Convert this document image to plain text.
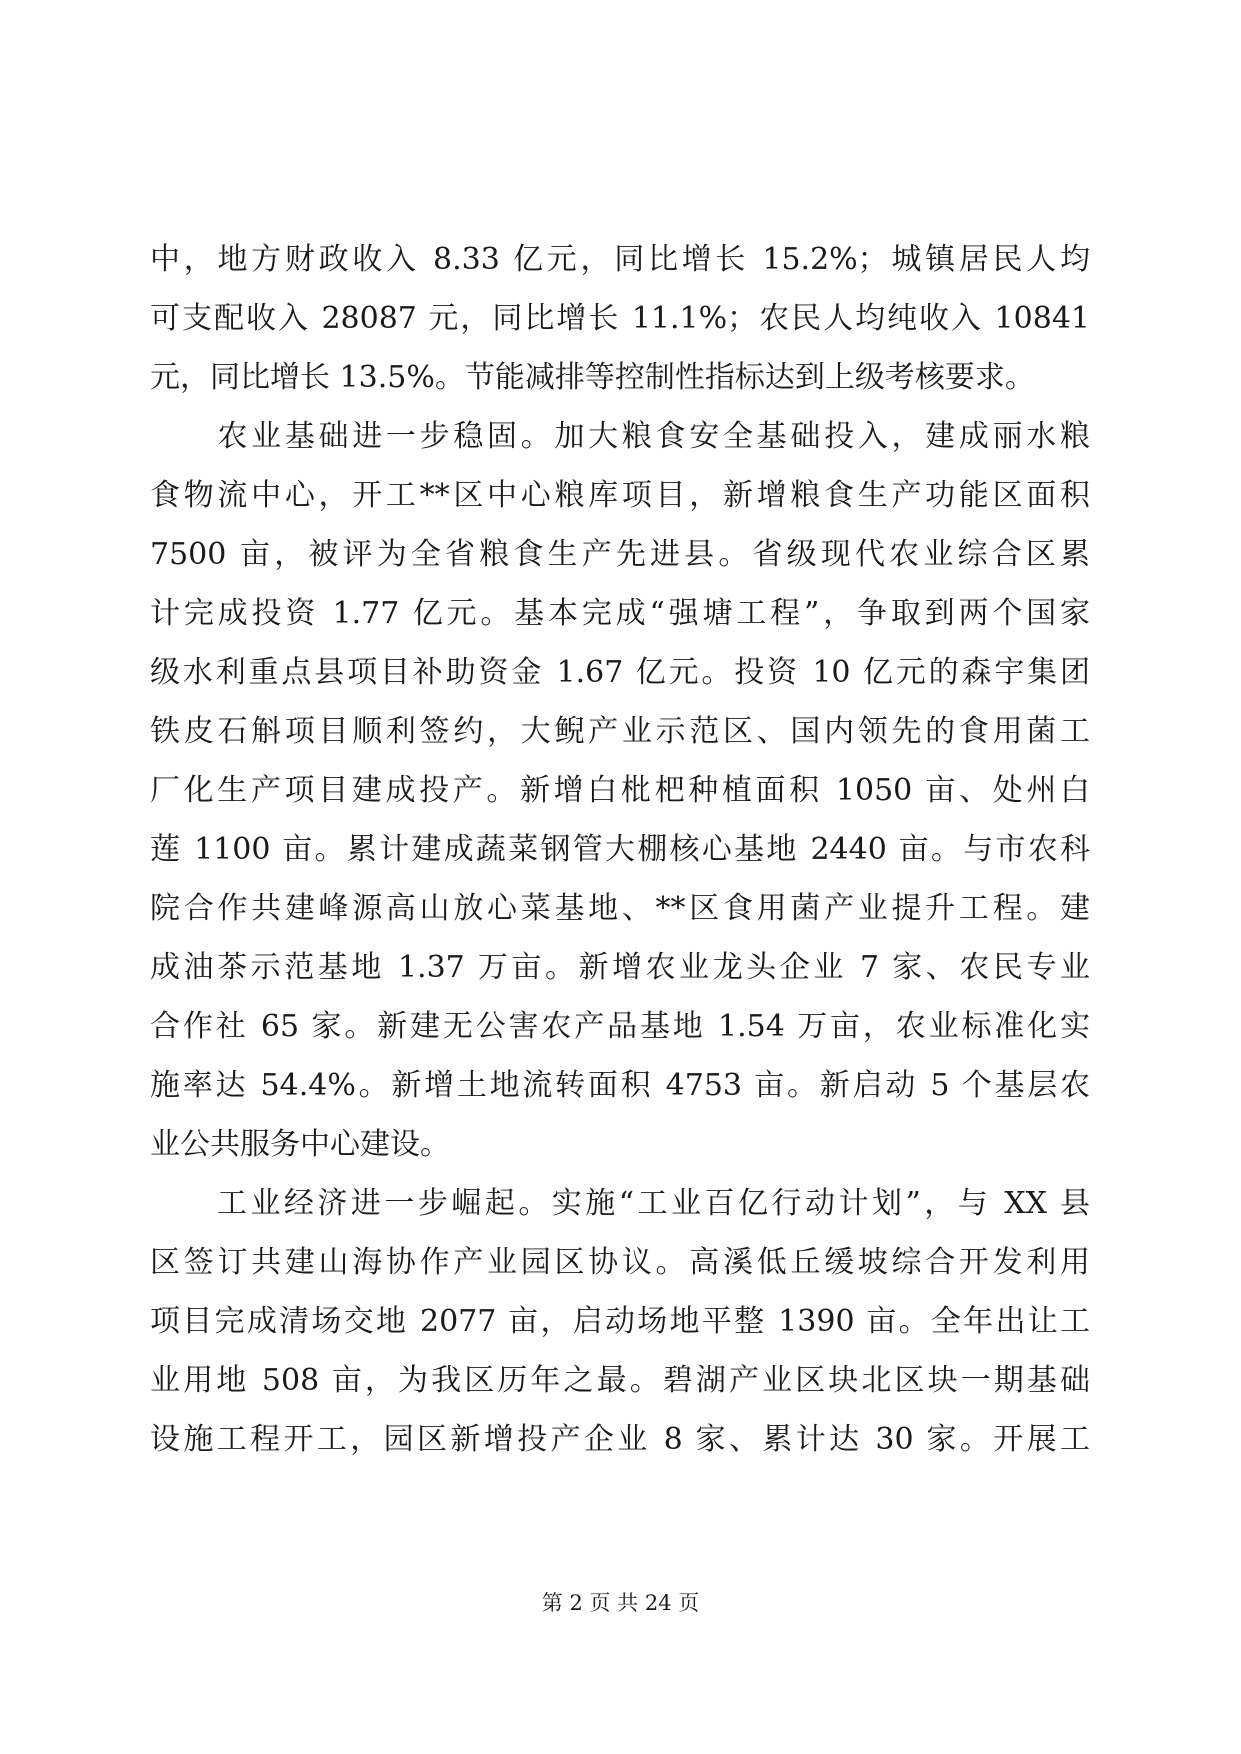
中，地方财政收入 8.33 亿元，同比增长 15.2%；城镇居民人均
可支配收入 28087 元，同比增长 11.1%；农民人均纯收入 10841
元，同比增长 13.5%。节能减排等控制性指标达到上级考核要求。
　　农业基础进一步稳固。加大粮食安全基础投入，建成丽水粮
食物流中心，开工**区中心粮库项目，新增粮食生产功能区面积
7500 亩，被评为全省粮食生产先进县。省级现代农业综合区累
计完成投资 1.77 亿元。基本完成“强塘工程”，争取到两个国家
级水利重点县项目补助资金 1.67 亿元。投资 10 亿元的森宇集团
铁皮石斛项目顺利签约，大鲵产业示范区、国内领先的食用菌工
厂化生产项目建成投产。新增白枇杷种植面积 1050 亩、处州白
莲 1100 亩。累计建成蔬菜钢管大棚核心基地 2440 亩。与市农科
院合作共建峰源高山放心菜基地、**区食用菌产业提升工程。建
成油茶示范基地 1.37 万亩。新增农业龙头企业 7 家、农民专业
合作社 65 家。新建无公害农产品基地 1.54 万亩，农业标准化实
施率达 54.4%。新增土地流转面积 4753 亩。新启动 5 个基层农
业公共服务中心建设。
　　工业经济进一步崛起。实施“工业百亿行动计划”，与 XX 县
区签订共建山海协作产业园区协议。高溪低丘缓坡综合开发利用
项目完成清场交地 2077 亩，启动场地平整 1390 亩。全年出让工
业用地 508 亩，为我区历年之最。碧湖产业区块北区块一期基础
设施工程开工，园区新增投产企业 8 家、累计达 30 家。开展工
第 2 页 共 24 页
